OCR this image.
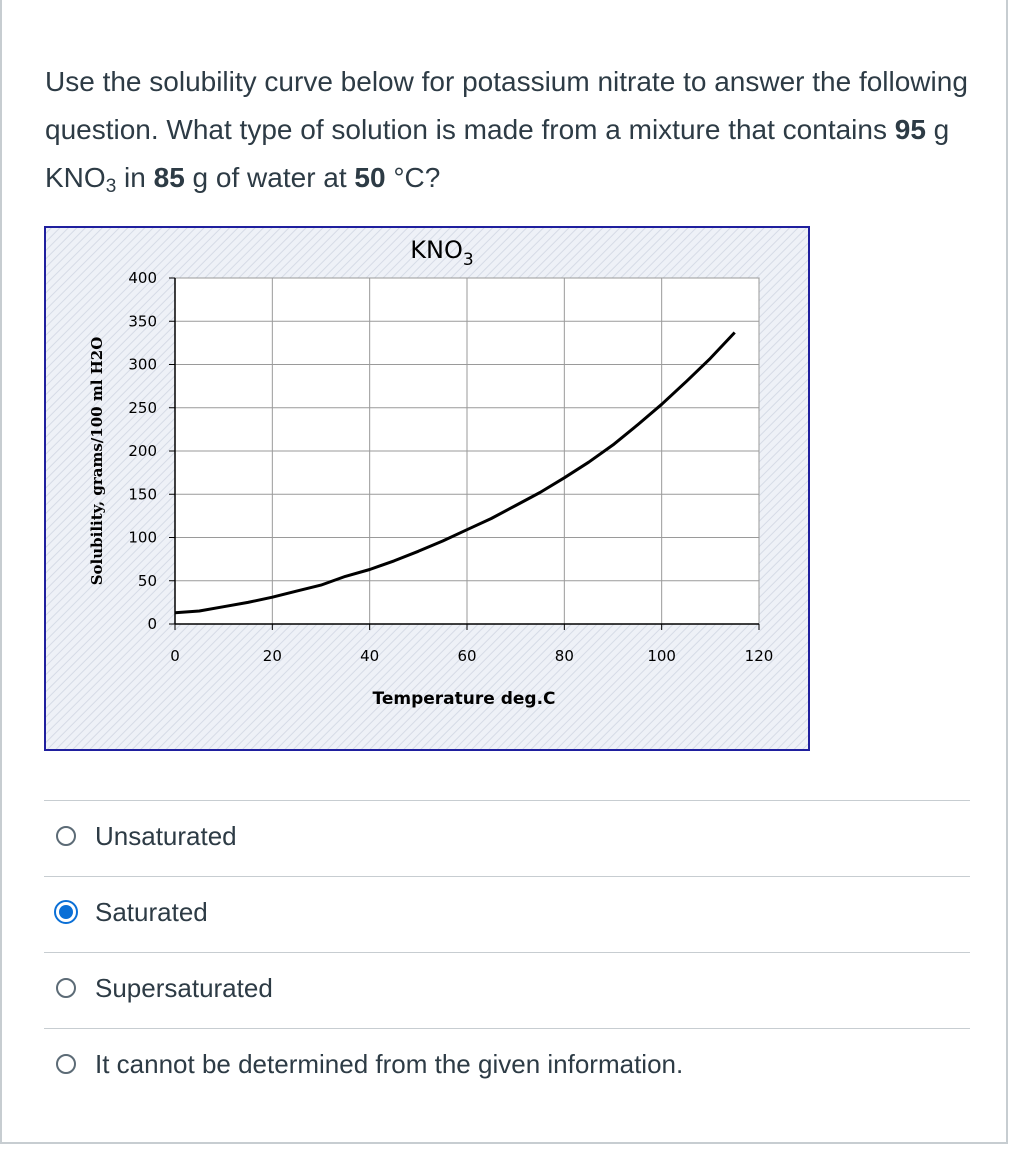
Use the solubility curve below for potassium nitrate to answer the following question. What type of solution is made from a mixture that contains 95 g $KNO_3$ in 85 g of water at 50 °C?
0
50
100
150
200
250
300
350
400
0	20	40	60	80	100	120
$KNO_3$
Temperature deg.C
Solubility, grams/100 ml H2O
Unsaturated
Saturated
Supersaturated
It cannot be determined from the given information.
